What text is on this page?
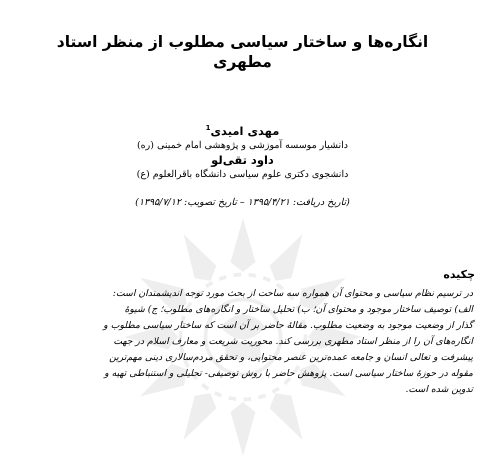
انگاره‌ها و ساختار سیاسی مطلوب از منظر استاد مطهری
مهدی امیدی$^1$
دانشیار موسسه آموزشی و پژوهشی امام خمینی (ره)
داود تقی‌لو
دانشجوی دکتری علوم سیاسی دانشگاه باقرالعلوم (ع)
(تاریخ دریافت: ۱۳۹۵/۴/۲۱ – تاریخ تصویب: ۱۳۹۵/۷/۱۲)
چکیده
در ترسیم نظام سیاسی و محتوای آن همواره سه ساحت از بحث مورد توجه اندیشمندان است:
الف) توصیف ساختار موجود و محتوای آن؛ ب) تحلیل ساختار و انگاره‌های مطلوب؛ ج) شیوۀ
گذار از وضعیت موجود به وضعیت مطلوب. مقالۀ حاضر بر آن است که ساختار سیاسی مطلوب و
انگاره‌های آن را از منظر استاد مطهری بررسی کند. محوریت شریعت و معارف اسلام در جهت
پیشرفت و تعالی انسان و جامعه عمده‌ترین عنصر محتوایی، و تحقق مردم‌سالاری دینی مهم‌ترین
مقوله در حوزۀ ساختار سیاسی است. پژوهش حاضر با روش توصیفی- تحلیلی و استنباطی تهیه و
تدوین شده است.
